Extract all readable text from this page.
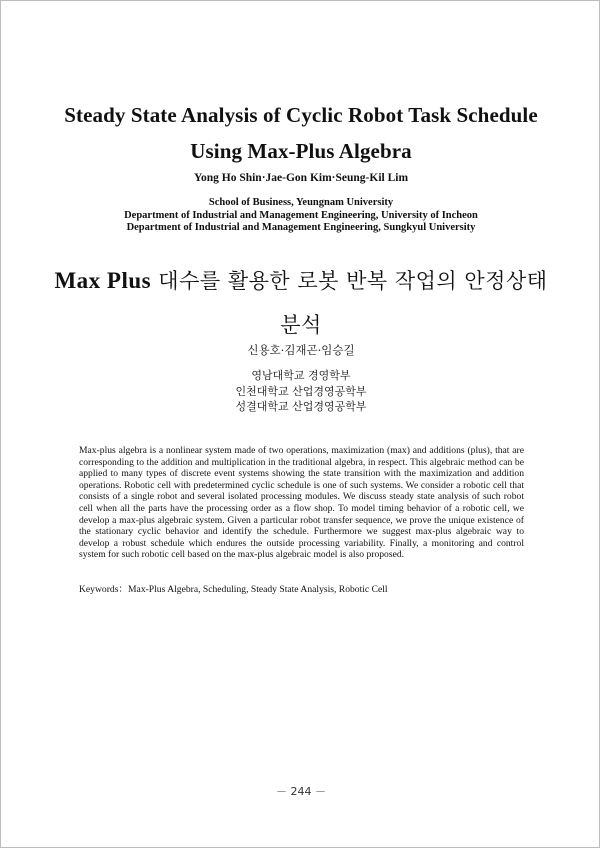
Steady State Analysis of Cyclic Robot Task Schedule
Using Max-Plus Algebra
Yong Ho Shin·Jae-Gon Kim·Seung-Kil Lim
School of Business, Yeungnam University
Department of Industrial and Management Engineering, University of Incheon
Department of Industrial and Management Engineering, Sungkyul University
Max Plus 대수를 활용한 로봇 반복 작업의 안정상태
분석
신용호·김재곤·임승길
영남대학교 경영학부
인천대학교 산업경영공학부
성결대학교 산업경영공학부

Max-plus algebra is a nonlinear system made of two operations, maximization (max) and additions (plus), that are corresponding to the addition and multiplication in the traditional algebra, in respect. This algebraic method can be applied to many types of discrete event systems showing the state transition with the maximization and addition operations. Robotic cell with predetermined cyclic schedule is one of such systems. We consider a robotic cell that consists of a single robot and several isolated processing modules. We discuss steady state analysis of such robot cell when all the parts have the processing order as a flow shop. To model timing behavior of a robotic cell, we develop a max-plus algebraic system. Given a particular robot transfer sequence, we prove the unique existence of the stationary cyclic behavior and identify the schedule. Furthermore we suggest max-plus algebraic way to develop a robust schedule which endures the outside processing variability. Finally, a monitoring and control system for such robotic cell based on the max-plus algebraic model is also proposed.

Keywords：Max-Plus Algebra, Scheduling, Steady State Analysis, Robotic Cell

－ 244 －
